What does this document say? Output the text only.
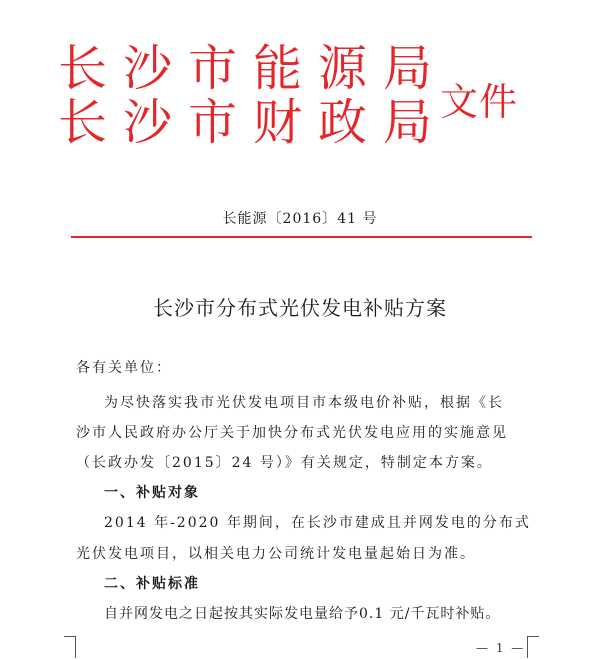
长沙市能源局
长沙市财政局
文件
长能源〔2016〕41 号
长沙市分布式光伏发电补贴方案
各有关单位：
为尽快落实我市光伏发电项目市本级电价补贴，根据《长
沙市人民政府办公厅关于加快分布式光伏发电应用的实施意见
（长政办发〔2015〕24 号）》有关规定，特制定本方案。
一、补贴对象
2014 年-2020 年期间，在长沙市建成且并网发电的分布式
光伏发电项目，以相关电力公司统计发电量起始日为准。
二、补贴标准
自并网发电之日起按其实际发电量给予0.1 元/千瓦时补贴。
— 1 —
